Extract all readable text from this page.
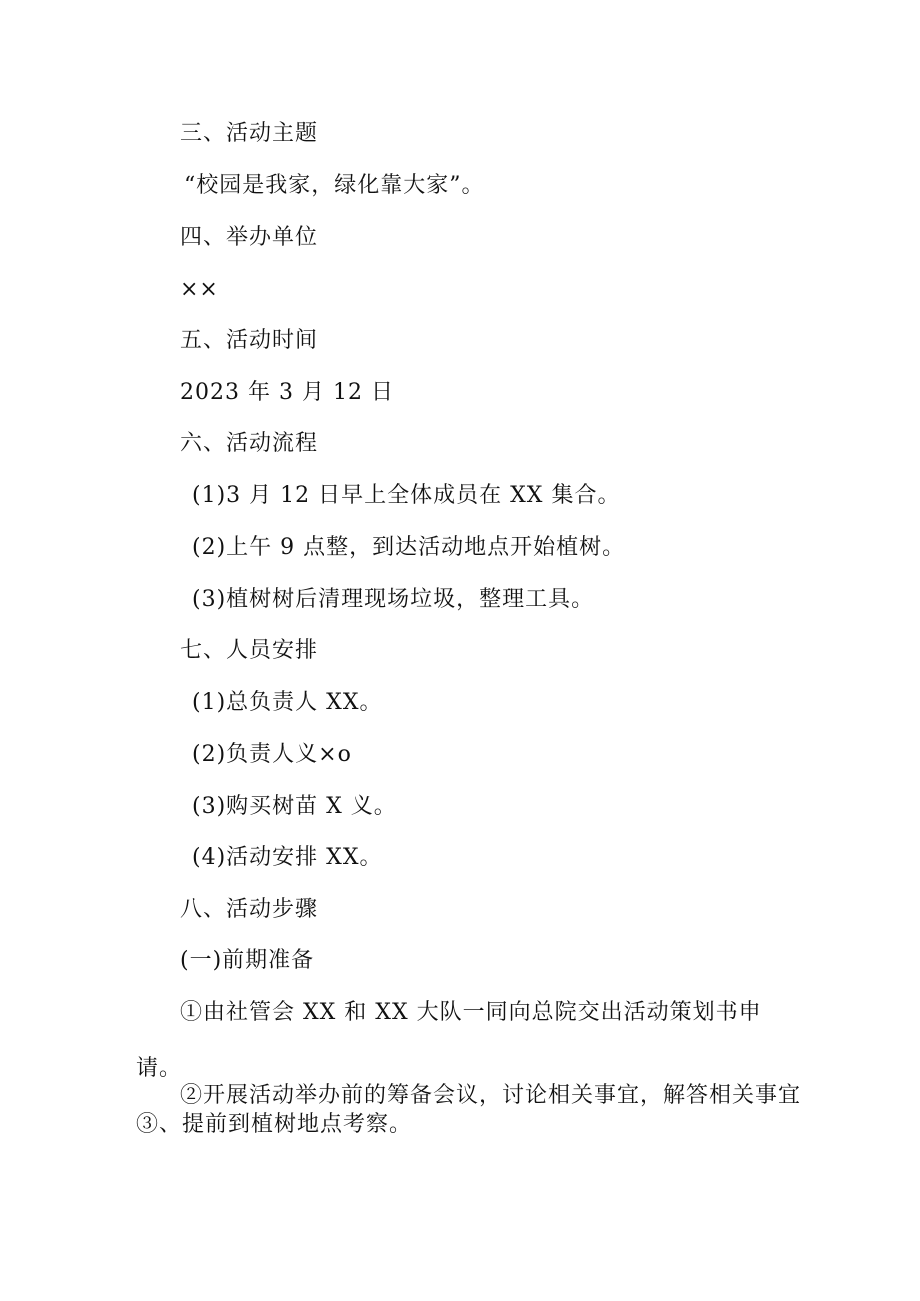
三、活动主题
“校园是我家，绿化靠大家”。
四、举办单位
××
五、活动时间
2023 年 3 月 12 日
六、活动流程
(1)3 月 12 日早上全体成员在 XX 集合。
(2)上午 9 点整，到达活动地点开始植树。
(3)植树树后清理现场垃圾，整理工具。
七、人员安排
(1)总负责人 XX。
(2)负责人义×o
(3)购买树苗 X 义。
(4)活动安排 XX。
八、活动步骤
(一)前期准备
①由社管会 XX 和 XX 大队一同向总院交出活动策划书申
请。
②开展活动举办前的筹备会议，讨论相关事宜，解答相关事宜
③、提前到植树地点考察。
